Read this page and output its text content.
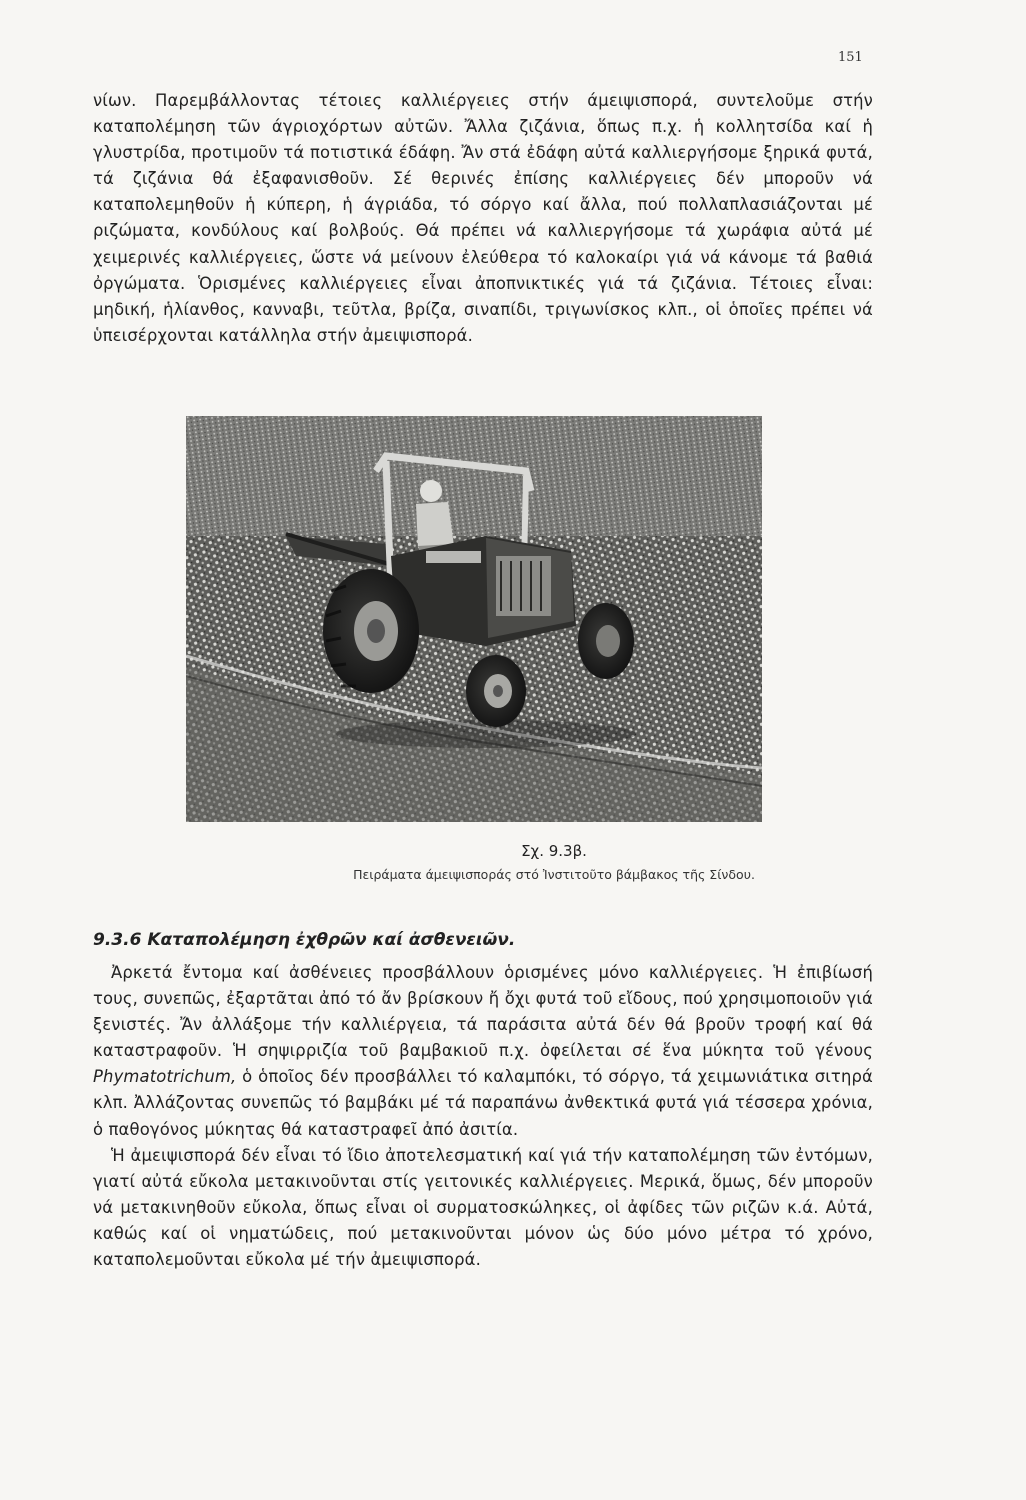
151

νίων. Παρεμβάλλοντας τέτοιες καλλιέργειες στήν άμειψισπορά, συντελοῦμε στήν καταπολέμηση τῶν άγριοχόρτων αὐτῶν. Ἄλλα ζιζάνια, ὅπως π.χ. ἡ κολλητσίδα καί ἡ γλυστρίδα, προτιμοῦν τά ποτιστικά έδάφη. Ἄν στά ἐδάφη αὐτά καλλιεργήσομε ξηρικά φυτά, τά ζιζάνια θά ἐξαφανισθοῦν. Σέ θερινές ἐπίσης καλλιέργειες δέν μποροῦν νά καταπολεμηθοῦν ἡ κύπερη, ἡ άγριάδα, τό σόργο καί ἄλλα, πού πολλαπλασιάζονται μέ ριζώματα, κονδύλους καί βολβούς. Θά πρέπει νά καλλιεργήσομε τά χωράφια αὐτά μέ χειμερινές καλλιέργειες, ὥστε νά μείνουν ἐλεύθερα τό καλοκαίρι γιά νά κάνομε τά βαθιά ὀργώματα. Ὁρισμένες καλλιέργειες εἶναι ἀποπνικτικές γιά τά ζιζάνια. Τέτοιες εἶναι: μηδική, ἡλίανθος, κανναβι, τεῦτλα, βρίζα, σιναπίδι, τριγωνίσκος κλπ., οἱ ὁποῖες πρέπει νά ὑπεισέρχονται κατάλληλα στήν ἀμειψισπορά.

Σχ. 9.3β.
Πειράματα άμειψισποράς στό Ἰνστιτοῦτο βάμβακος τῆς Σίνδου.
9.3.6 Καταπολέμηση ἐχθρῶν καί ἀσθενειῶν.

Ἀρκετά ἔντομα καί ἀσθένειες προσβάλλουν ὁρισμένες μόνο καλλιέργειες. Ἡ ἐπιβίωσή τους, συνεπῶς, ἐξαρτᾶται ἀπό τό ἄν βρίσκουν ἤ ὄχι φυτά τοῦ εἴδους, πού χρησιμοποιοῦν γιά ξενιστές. Ἄν ἀλλάξομε τήν καλλιέργεια, τά παράσιτα αὐτά δέν θά βροῦν τροφή καί θά καταστραφοῦν. Ἡ σηψιρριζία τοῦ βαμβακιοῦ π.χ. ὀφείλεται σέ ἕνα μύκητα τοῦ γένους Phymatotrichum, ὁ ὁποῖος δέν προσβάλλει τό καλαμπόκι, τό σόργο, τά χειμωνιάτικα σιτηρά κλπ. Ἀλλάζοντας συνεπῶς τό βαμβάκι μέ τά παραπάνω ἀνθεκτικά φυτά γιά τέσσερα χρόνια, ὁ παθογόνος μύκητας θά καταστραφεῖ ἀπό ἀσιτία.

Ἡ ἀμειψισπορά δέν εἶναι τό ἴδιο ἀποτελεσματική καί γιά τήν καταπολέμηση τῶν ἐντόμων, γιατί αὐτά εὔκολα μετακινοῦνται στίς γειτονικές καλλιέργειες. Μερικά, ὅμως, δέν μποροῦν νά μετακινηθοῦν εὔκολα, ὅπως εἶναι οἱ συρματοσκώληκες, οἱ ἀφίδες τῶν ριζῶν κ.ά. Αὐτά, καθώς καί οἱ νηματώδεις, πού μετακινοῦνται μόνον ὡς δύο μόνο μέτρα τό χρόνο, καταπολεμοῦνται εὔκολα μέ τήν ἀμειψισπορά.
